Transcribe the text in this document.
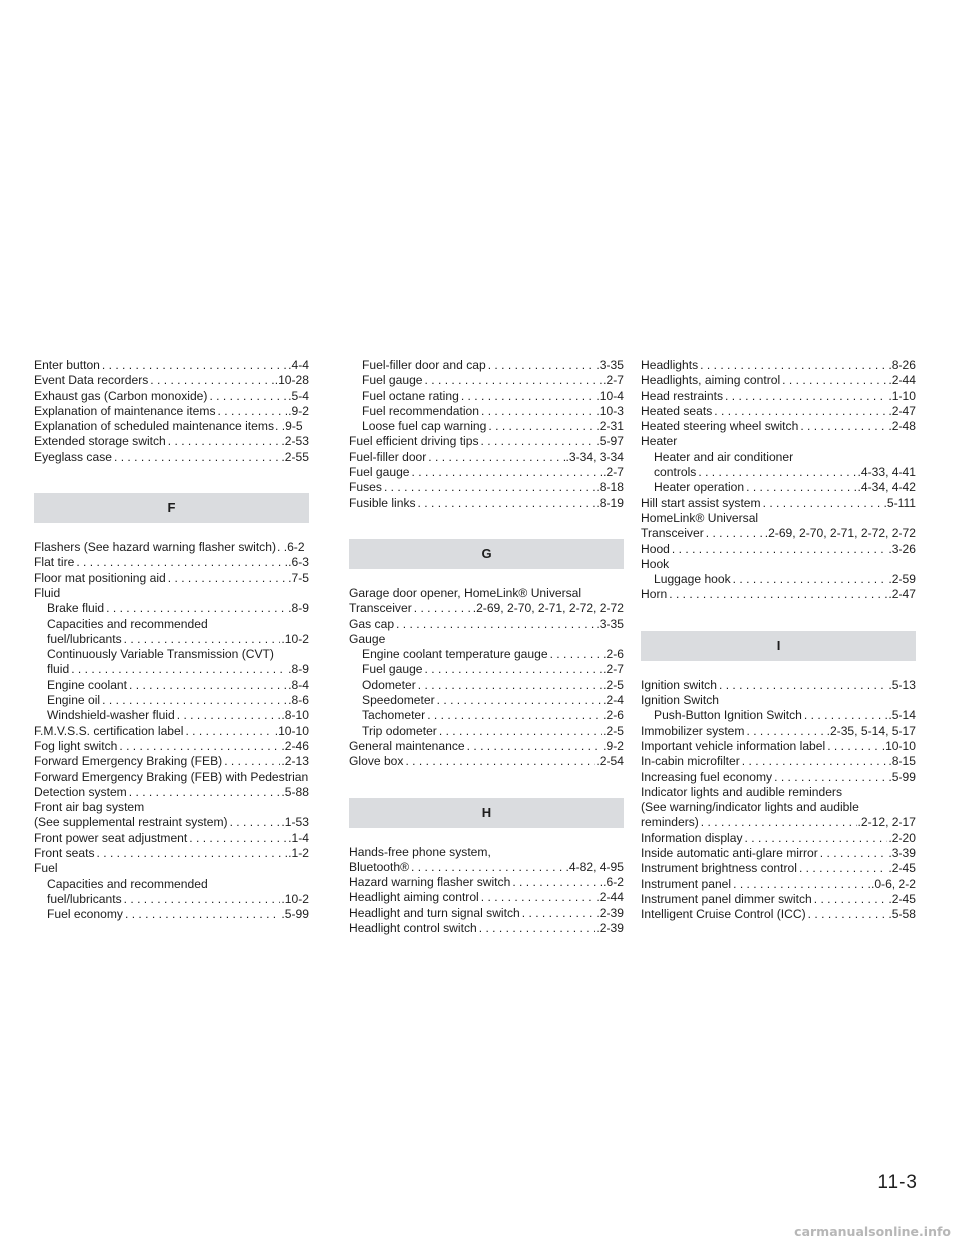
Enter button . . .	.4-4
Event Data recorders . . .	.10-28
Exhaust gas (Carbon monoxide) . . .	.5-4
Explanation of maintenance items . . .	.9-2
Explanation of scheduled maintenance items. .9-5
Extended storage switch . . .	.2-53
Eyeglass case . . .	.2-55
F
Flashers (See hazard warning flasher switch). .6-2
Flat tire . . .	.6-3
Floor mat positioning aid . . .	.7-5
Fluid
Brake fluid . . .	.8-9
Capacities and recommended
fuel/lubricants . . .	.10-2
Continuously Variable Transmission (CVT)
fluid . . .	.8-9
Engine coolant . . .	.8-4
Engine oil . . .	.8-6
Windshield-washer fluid . . .	.8-10
F.M.V.S.S. certification label . . .	.10-10
Fog light switch . . .	.2-46
Forward Emergency Braking (FEB) . . .	.2-13
Forward Emergency Braking (FEB) with Pedestrian
Detection system . . .	.5-88
Front air bag system
(See supplemental restraint system) . . .	.1-53
Front power seat adjustment . . .	.1-4
Front seats . . .	.1-2
Fuel
Capacities and recommended
fuel/lubricants . . .	.10-2
Fuel economy . . .	.5-99
Fuel-filler door and cap . . .	.3-35
Fuel gauge . . .	.2-7
Fuel octane rating . . .	.10-4
Fuel recommendation . . .	.10-3
Loose fuel cap warning . . .	.2-31
Fuel efficient driving tips . . .	.5-97
Fuel-filler door . . .	.3-34, 3-34
Fuel gauge . . .	.2-7
Fuses . . .	.8-18
Fusible links . . .	.8-19
G
Garage door opener, HomeLink® Universal
Transceiver . . .	.2-69, 2-70, 2-71, 2-72, 2-72
Gas cap . . .	.3-35
Gauge
Engine coolant temperature gauge . . .	.2-6
Fuel gauge . . .	.2-7
Odometer . . .	.2-5
Speedometer . . .	.2-4
Tachometer . . .	.2-6
Trip odometer . . .	.2-5
General maintenance . . .	.9-2
Glove box . . .	.2-54
H
Hands-free phone system,
Bluetooth® . . .	.4-82, 4-95
Hazard warning flasher switch . . .	.6-2
Headlight aiming control . . .	.2-44
Headlight and turn signal switch . . .	.2-39
Headlight control switch . . .	.2-39
Headlights . . .	.8-26
Headlights, aiming control . . .	.2-44
Head restraints . . .	.1-10
Heated seats . . .	.2-47
Heated steering wheel switch . . .	.2-48
Heater
Heater and air conditioner
controls . . .	.4-33, 4-41
Heater operation . . .	.4-34, 4-42
Hill start assist system . . .	.5-111
HomeLink® Universal
Transceiver . . .	.2-69, 2-70, 2-71, 2-72, 2-72
Hood . . .	.3-26
Hook
Luggage hook . . .	.2-59
Horn . . .	.2-47
I
Ignition switch . . .	.5-13
Ignition Switch
Push-Button Ignition Switch . . .	.5-14
Immobilizer system . . .	.2-35, 5-14, 5-17
Important vehicle information label . . .	.10-10
In-cabin microfilter . . .	.8-15
Increasing fuel economy . . .	.5-99
Indicator lights and audible reminders
(See warning/indicator lights and audible
reminders) . . .	.2-12, 2-17
Information display . . .	.2-20
Inside automatic anti-glare mirror . . .	.3-39
Instrument brightness control . . .	.2-45
Instrument panel . . .	.0-6, 2-2
Instrument panel dimmer switch . . .	.2-45
Intelligent Cruise Control (ICC) . . .	.5-58
11-3
carmanualsonline.info
